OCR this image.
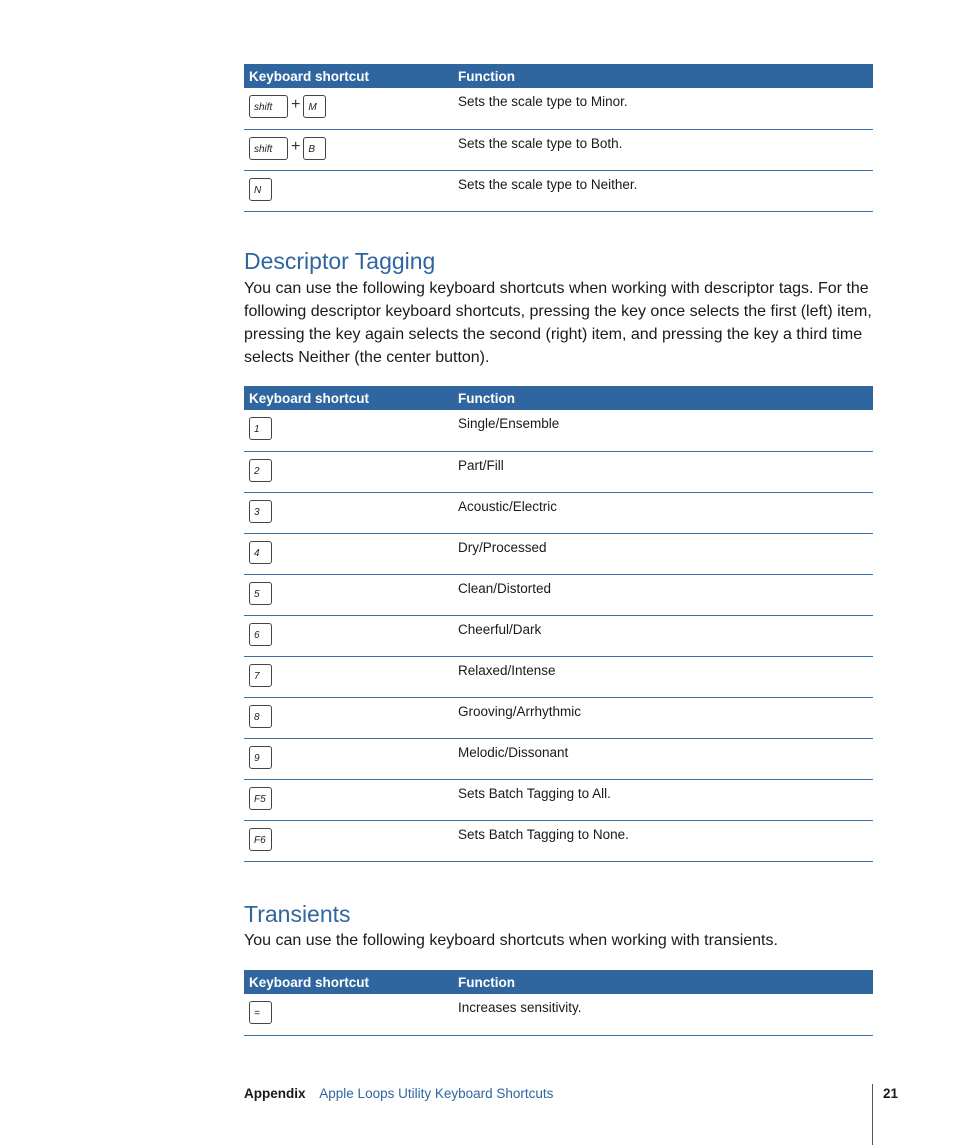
Keyboard shortcut	Function
shift + M	Sets the scale type to Minor.
shift + B	Sets the scale type to Both.
N	Sets the scale type to Neither.
Descriptor Tagging

You can use the following keyboard shortcuts when working with descriptor tags. For the following descriptor keyboard shortcuts, pressing the key once selects the first (left) item, pressing the key again selects the second (right) item, and pressing the key a third time selects Neither (the center button).

Keyboard shortcut	Function
1	Single/Ensemble
2	Part/Fill
3	Acoustic/Electric
4	Dry/Processed
5	Clean/Distorted
6	Cheerful/Dark
7	Relaxed/Intense
8	Grooving/Arrhythmic
9	Melodic/Dissonant
F5	Sets Batch Tagging to All.
F6	Sets Batch Tagging to None.
Transients

You can use the following keyboard shortcuts when working with transients.

Keyboard shortcut	Function
=	Increases sensitivity.
Appendix Apple Loops Utility Keyboard Shortcuts	21
